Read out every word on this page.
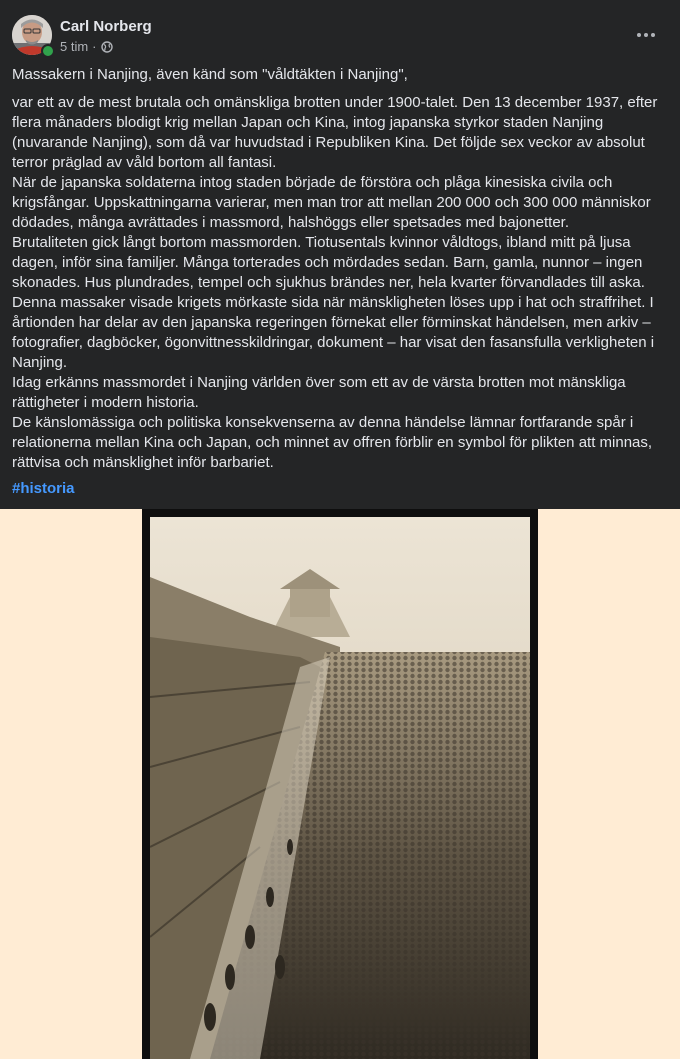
Carl Norberg
5 tim ·

Massakern i Nanjing, även känd som "våldtäkten i Nanjing",

var ett av de mest brutala och omänskliga brotten under 1900-talet. Den 13 december 1937, efter flera månaders blodigt krig mellan Japan och Kina, intog japanska styrkor staden Nanjing (nuvarande Nanjing), som då var huvudstad i Republiken Kina. Det följde sex veckor av absolut terror präglad av våld bortom all fantasi.

När de japanska soldaterna intog staden började de förstöra och plåga kinesiska civila och krigsfångar. Uppskattningarna varierar, men man tror att mellan 200 000 och 300 000 människor dödades, många avrättades i massmord, halshöggs eller spetsades med bajonetter.

Brutaliteten gick långt bortom massmorden. Tiotusentals kvinnor våldtogs, ibland mitt på ljusa dagen, inför sina familjer. Många torterades och mördades sedan. Barn, gamla, nunnor – ingen skonades. Hus plundrades, tempel och sjukhus brändes ner, hela kvarter förvandlades till aska.

Denna massaker visade krigets mörkaste sida när mänskligheten löses upp i hat och straffrihet. I årtionden har delar av den japanska regeringen förnekat eller förminskat händelsen, men arkiv – fotografier, dagböcker, ögonvittnesskildringar, dokument – har visat den fasansfulla verkligheten i Nanjing.

Idag erkänns massmordet i Nanjing världen över som ett av de värsta brotten mot mänskliga rättigheter i modern historia.

De känslomässiga och politiska konsekvenserna av denna händelse lämnar fortfarande spår i relationerna mellan Kina och Japan, och minnet av offren förblir en symbol för plikten att minnas, rättvisa och mänsklighet inför barbariet.

#historia
